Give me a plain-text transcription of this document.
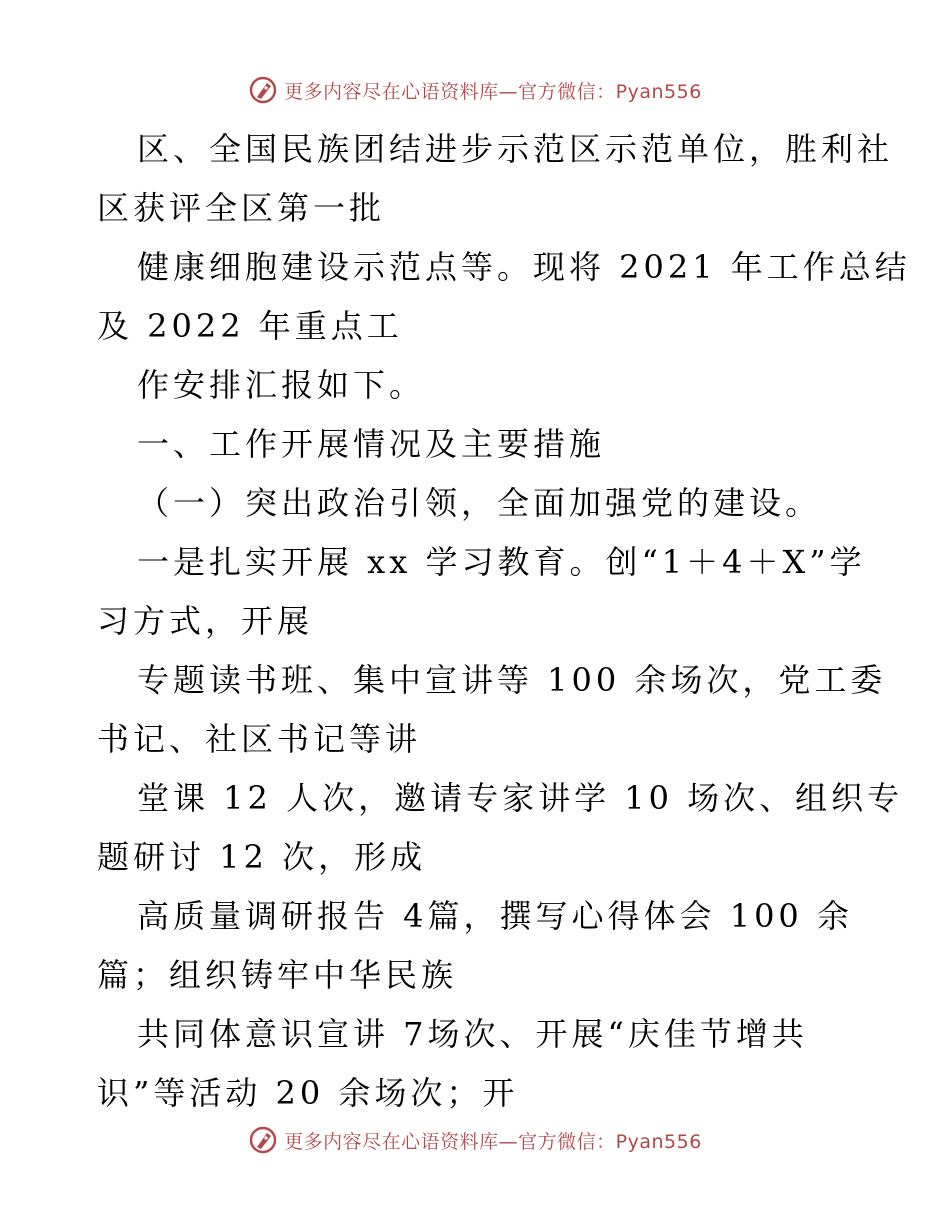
更多内容尽在心语资料库—官方微信：Pyan556
区、全国民族团结进步示范区示范单位，胜利社
区获评全区第一批
健康细胞建设示范点等。现将 2021 年工作总结
及 2022 年重点工
作安排汇报如下。
一、工作开展情况及主要措施
（一）突出政治引领，全面加强党的建设。
一是扎实开展 xx 学习教育。创“1＋4＋X”学
习方式，开展
专题读书班、集中宣讲等 100 余场次，党工委
书记、社区书记等讲
堂课 12 人次，邀请专家讲学 10 场次、组织专
题研讨 12 次，形成
高质量调研报告 4篇，撰写心得体会 100 余
篇；组织铸牢中华民族
共同体意识宣讲 7场次、开展“庆佳节增共
识”等活动 20 余场次；开
更多内容尽在心语资料库—官方微信：Pyan556
